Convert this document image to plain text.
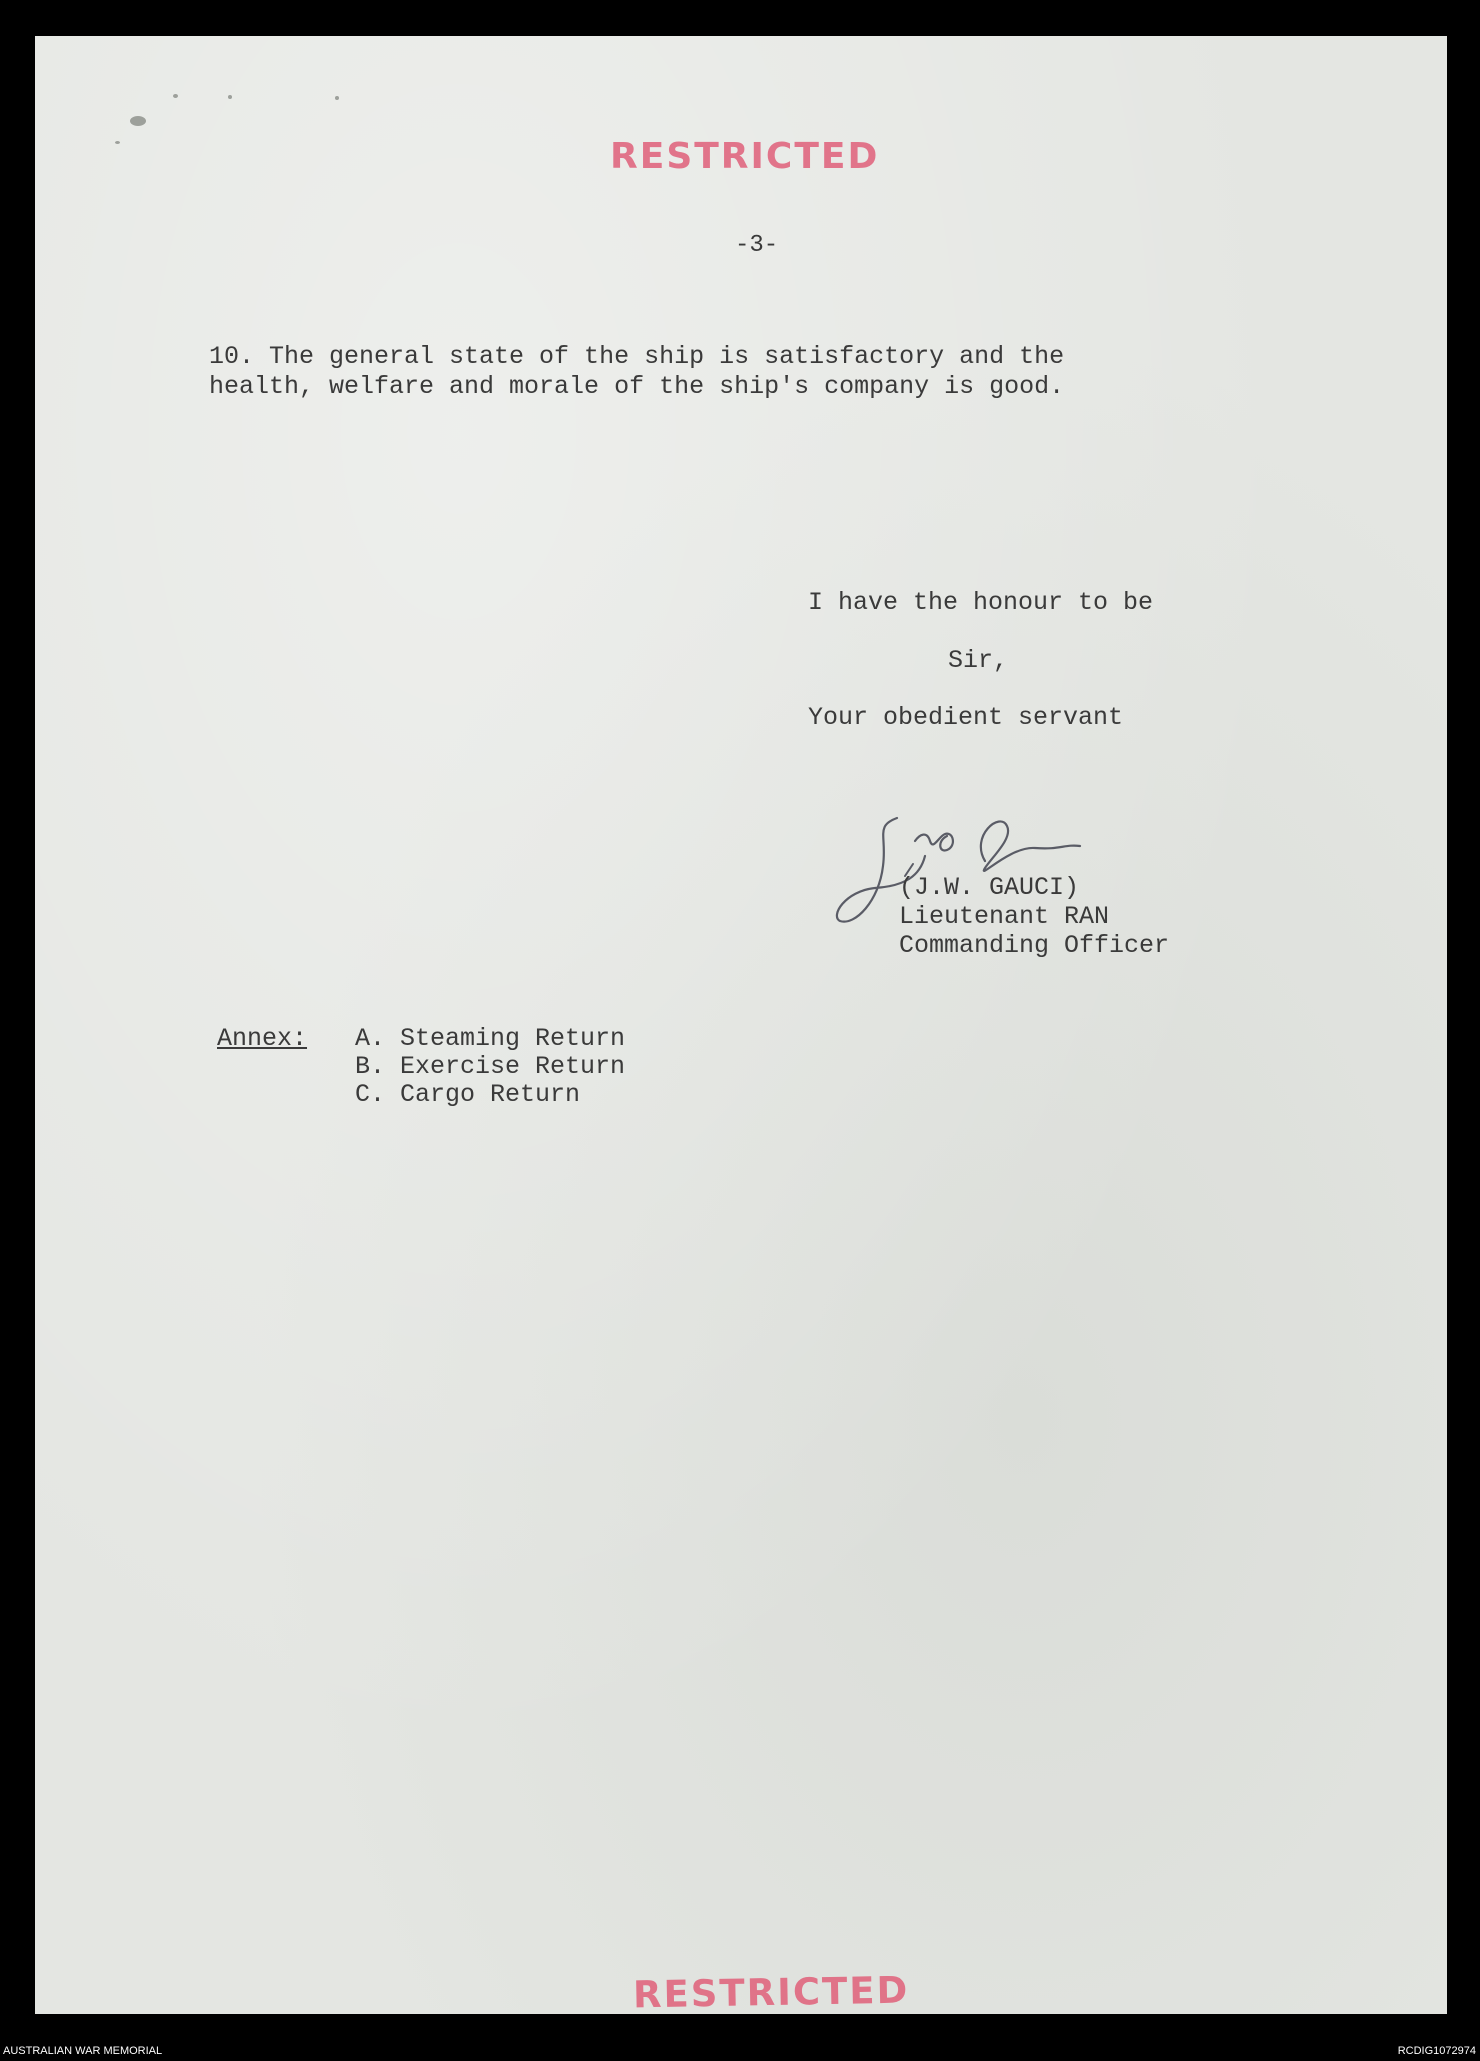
RESTRICTED
-3-
10. The general state of the ship is satisfactory and the
health, welfare and morale of the ship's company is good.
I have the honour to be
Sir,
Your obedient servant
(J.W. GAUCI)
Lieutenant RAN
Commanding Officer
Annex: A. Steaming Return
B. Exercise Return
C. Cargo Return
RESTRICTED
AUSTRALIAN WAR MEMORIAL	RCDIG1072974
